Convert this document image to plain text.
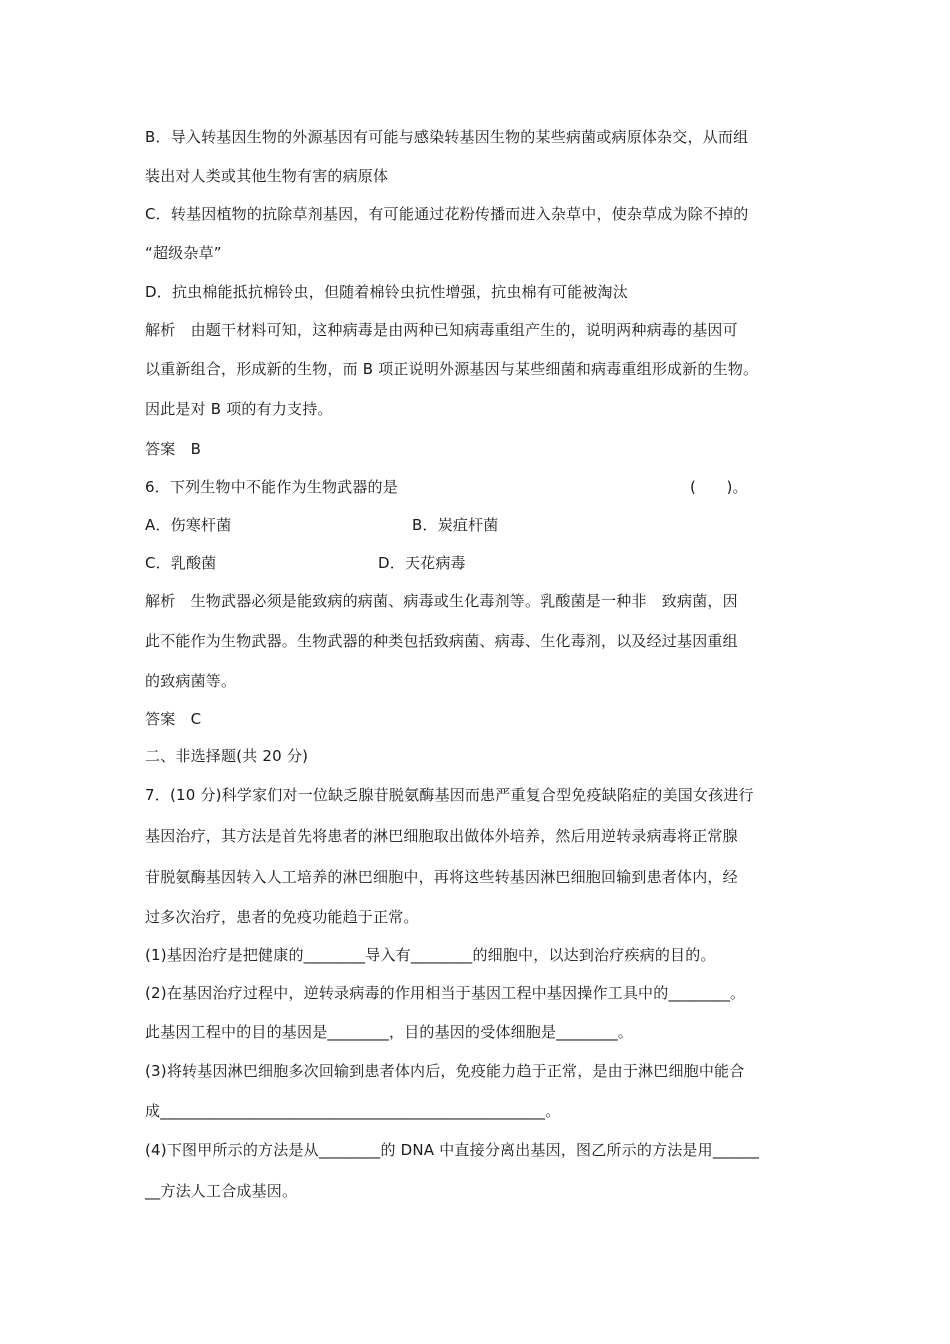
B．导入转基因生物的外源基因有可能与感染转基因生物的某些病菌或病原体杂交，从而组
装出对人类或其他生物有害的病原体
C．转基因植物的抗除草剂基因，有可能通过花粉传播而进入杂草中，使杂草成为除不掉的
“超级杂草”
D．抗虫棉能抵抗棉铃虫，但随着棉铃虫抗性增强，抗虫棉有可能被淘汰
解析　由题干材料可知，这种病毒是由两种已知病毒重组产生的，说明两种病毒的基因可
以重新组合，形成新的生物，而 B 项正说明外源基因与某些细菌和病毒重组形成新的生物。
因此是对 B 项的有力支持。
答案　B
6．下列生物中不能作为生物武器的是	(　　)。
A．伤寒杆菌	B．炭疽杆菌
C．乳酸菌	D．天花病毒
解析　生物武器必须是能致病的病菌、病毒或生化毒剂等。乳酸菌是一种非　致病菌，因
此不能作为生物武器。生物武器的种类包括致病菌、病毒、生化毒剂，以及经过基因重组
的致病菌等。
答案　C
二、非选择题(共 20 分)
7．(10 分)科学家们对一位缺乏腺苷脱氨酶基因而患严重复合型免疫缺陷症的美国女孩进行
基因治疗，其方法是首先将患者的淋巴细胞取出做体外培养，然后用逆转录病毒将正常腺
苷脱氨酶基因转入人工培养的淋巴细胞中，再将这些转基因淋巴细胞回输到患者体内，经
过多次治疗，患者的免疫功能趋于正常。
(1)基因治疗是把健康的________导入有________的细胞中，以达到治疗疾病的目的。
(2)在基因治疗过程中，逆转录病毒的作用相当于基因工程中基因操作工具中的________。
此基因工程中的目的基因是________，目的基因的受体细胞是________。
(3)将转基因淋巴细胞多次回输到患者体内后，免疫能力趋于正常，是由于淋巴细胞中能合
成__________________________________________________。
(4)下图甲所示的方法是从________的 DNA 中直接分离出基因，图乙所示的方法是用______
__方法人工合成基因。
